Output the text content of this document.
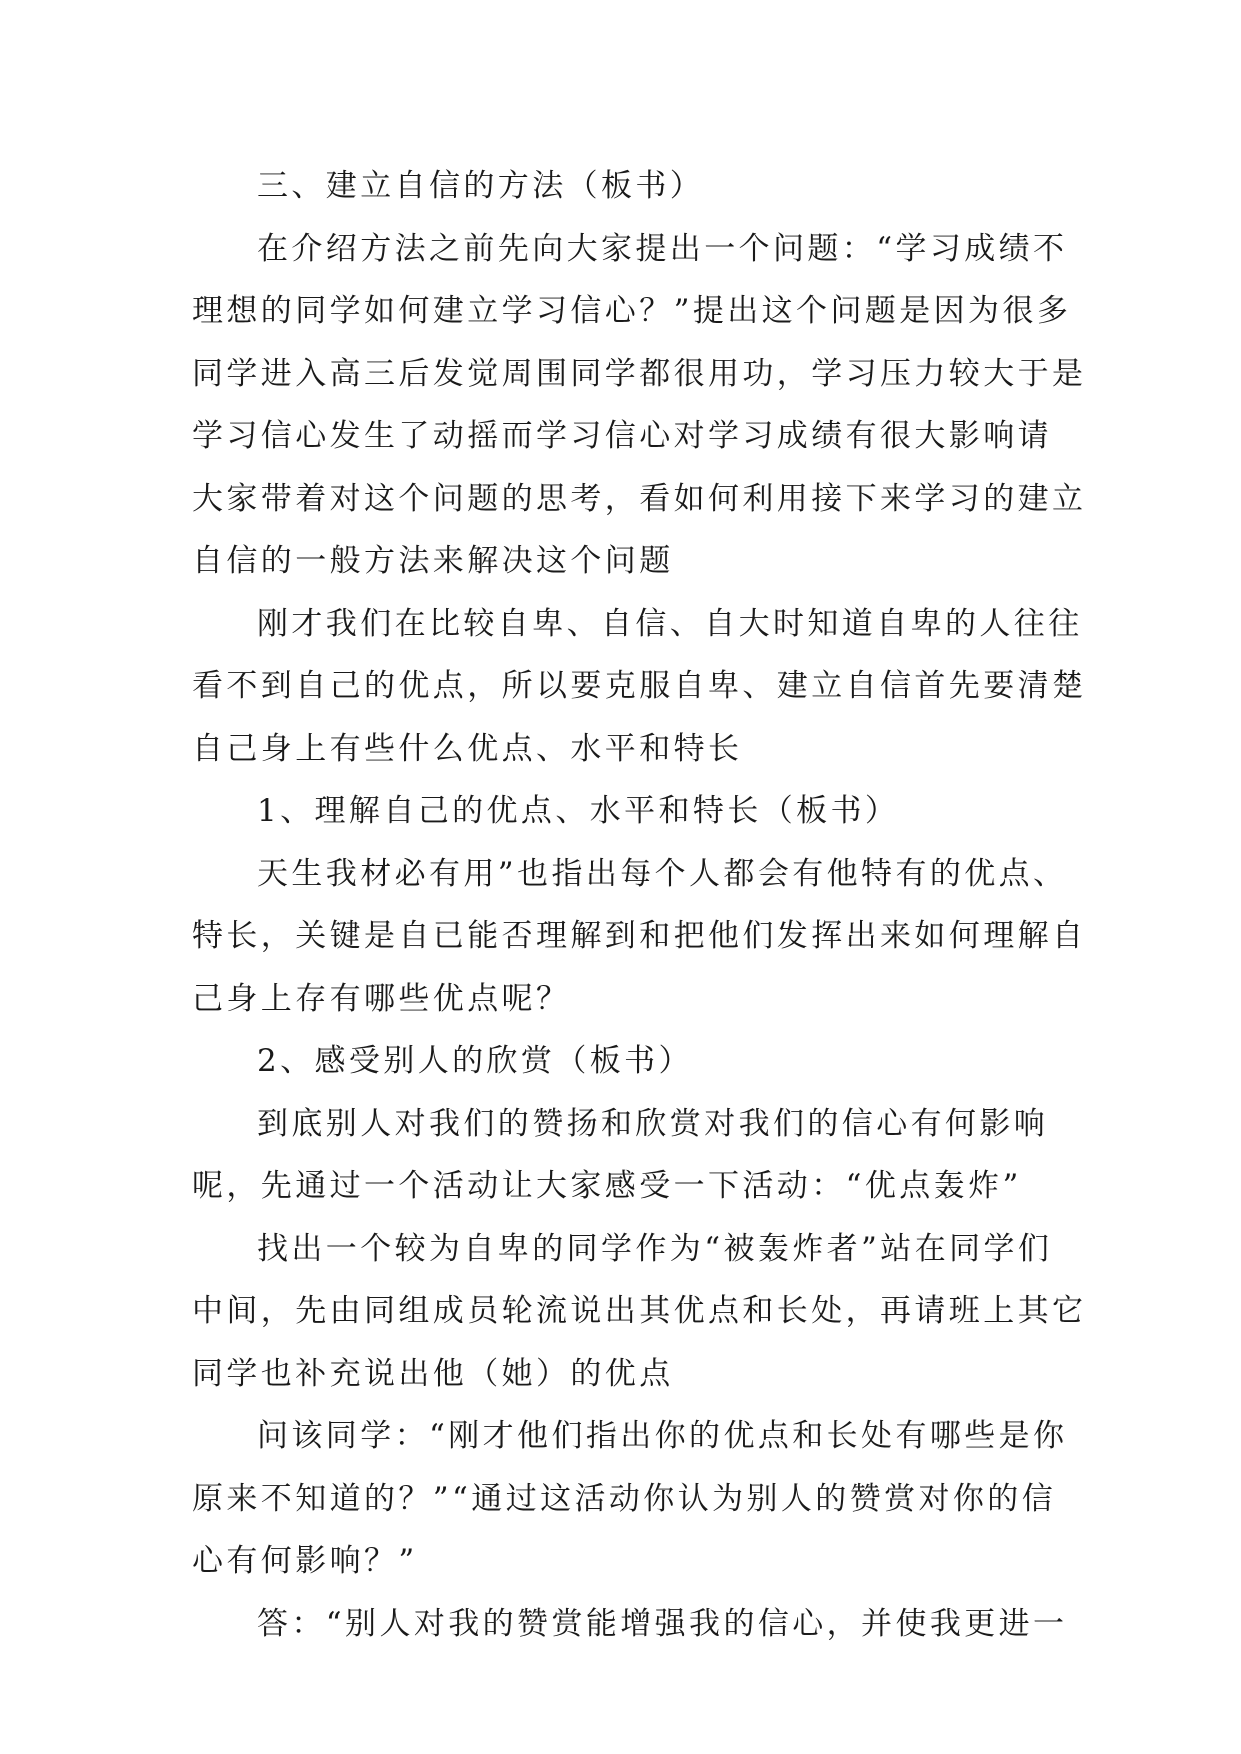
三、建立自信的方法（板书）
在介绍方法之前先向大家提出一个问题：“学习成绩不
理想的同学如何建立学习信心？”提出这个问题是因为很多
同学进入高三后发觉周围同学都很用功，学习压力较大于是
学习信心发生了动摇而学习信心对学习成绩有很大影响请
大家带着对这个问题的思考，看如何利用接下来学习的建立
自信的一般方法来解决这个问题
刚才我们在比较自卑、自信、自大时知道自卑的人往往
看不到自己的优点，所以要克服自卑、建立自信首先要清楚
自己身上有些什么优点、水平和特长
1、理解自己的优点、水平和特长（板书）
天生我材必有用”也指出每个人都会有他特有的优点、
特长，关键是自已能否理解到和把他们发挥出来如何理解自
己身上存有哪些优点呢？
2、感受别人的欣赏（板书）
到底别人对我们的赞扬和欣赏对我们的信心有何影响
呢，先通过一个活动让大家感受一下活动：“优点轰炸”
找出一个较为自卑的同学作为“被轰炸者”站在同学们
中间，先由同组成员轮流说出其优点和长处，再请班上其它
同学也补充说出他（她）的优点
问该同学：“刚才他们指出你的优点和长处有哪些是你
原来不知道的？”“通过这活动你认为别人的赞赏对你的信
心有何影响？”
答：“别人对我的赞赏能增强我的信心，并使我更进一
